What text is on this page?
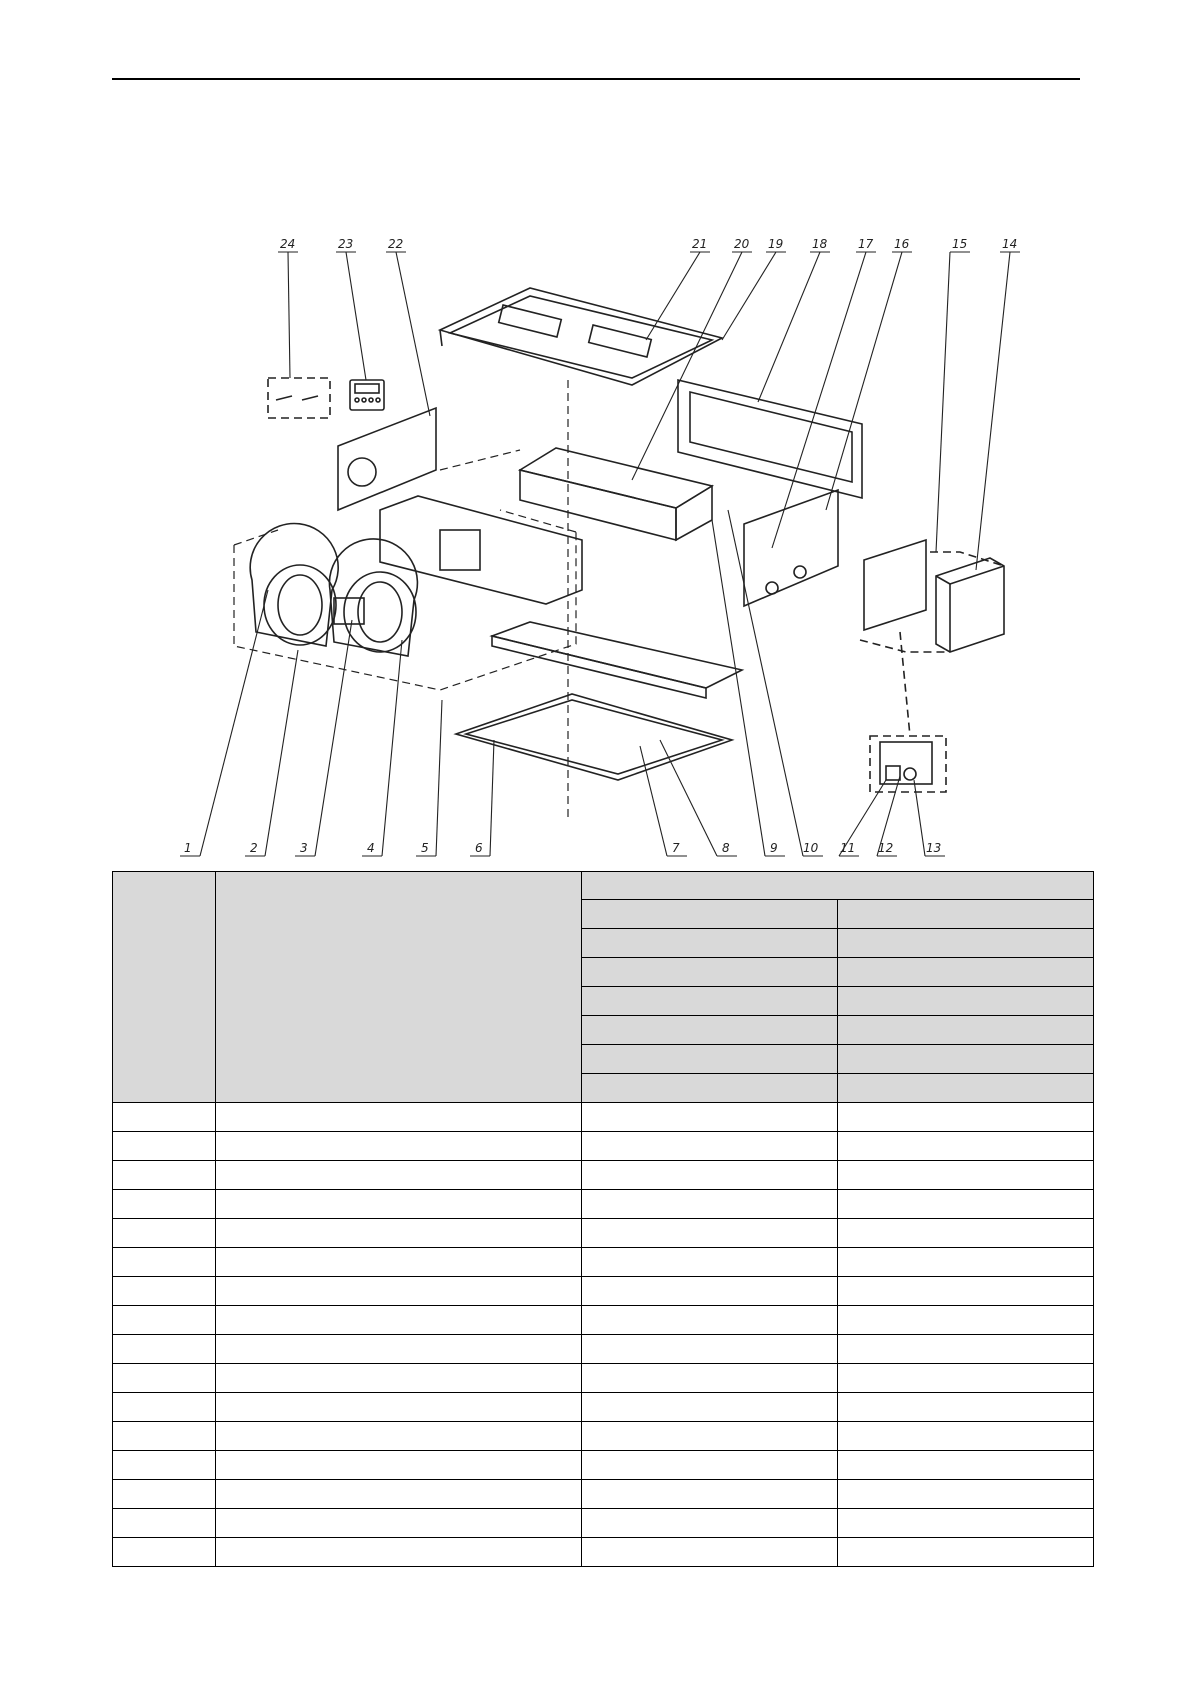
1	2	3	4	5	6	7	8	9 10 11 12	13
14
15
16
17
18
19
20
21
22
23
24
